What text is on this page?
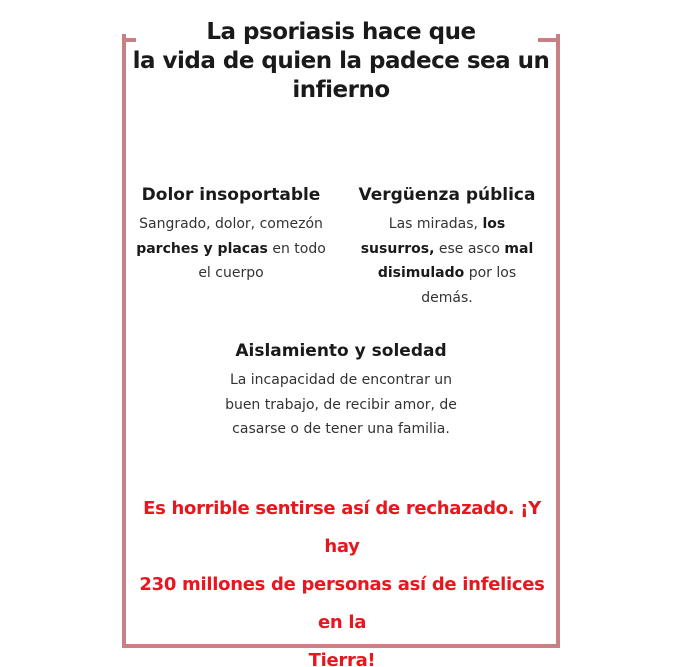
La psoriasis hace que
la vida de quien la padece sea un
infierno
Dolor insoportable

Sangrado, dolor, comezón
parches y placas en todo
el cuerpo

Vergüenza pública

Las miradas, los
susurros, ese asco mal
disimulado por los
demás.

Aislamiento y soledad

La incapacidad de encontrar un
buen trabajo, de recibir amor, de
casarse o de tener una familia.

Es horrible sentirse así de rechazado. ¡Y hay
230 millones de personas así de infelices en la
Tierra!
